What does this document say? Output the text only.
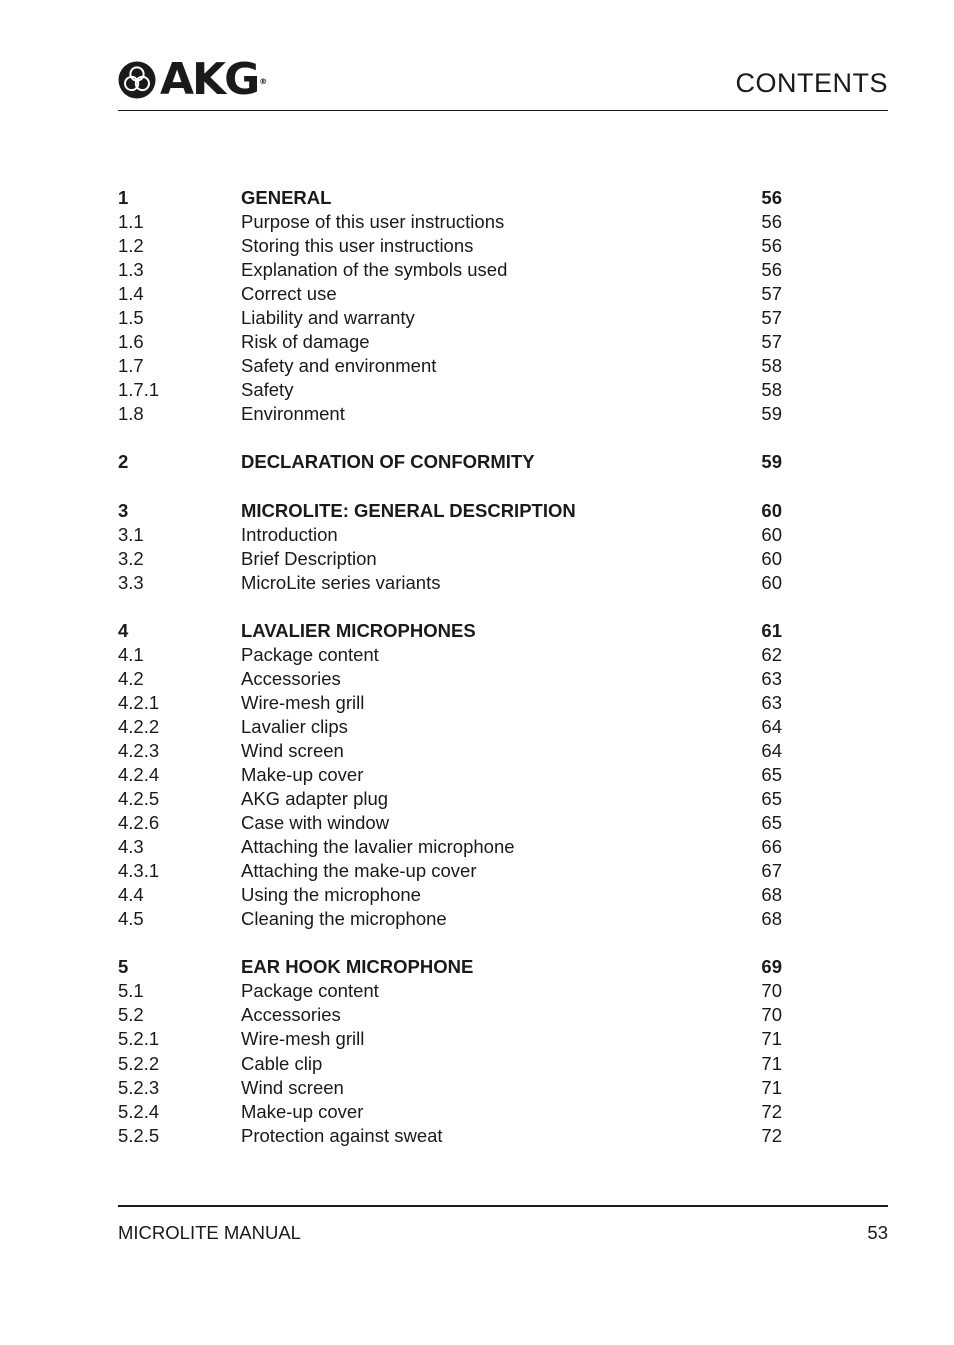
AKG®	CONTENTS
1	GENERAL	56
1.1	Purpose of this user instructions	56
1.2	Storing this user instructions	56
1.3	Explanation of the symbols used	56
1.4	Correct use	57
1.5	Liability and warranty	57
1.6	Risk of damage	57
1.7	Safety and environment	58
1.7.1	Safety	58
1.8	Environment	59
2	DECLARATION OF CONFORMITY	59
3	MICROLITE: GENERAL DESCRIPTION	60
3.1	Introduction	60
3.2	Brief Description	60
3.3	MicroLite series variants	60
4	LAVALIER MICROPHONES	61
4.1	Package content	62
4.2	Accessories	63
4.2.1	Wire-mesh grill	63
4.2.2	Lavalier clips	64
4.2.3	Wind screen	64
4.2.4	Make-up cover	65
4.2.5	AKG adapter plug	65
4.2.6	Case with window	65
4.3	Attaching the lavalier microphone	66
4.3.1	Attaching the make-up cover	67
4.4	Using the microphone	68
4.5	Cleaning the microphone	68
5	EAR HOOK MICROPHONE	69
5.1	Package content	70
5.2	Accessories	70
5.2.1	Wire-mesh grill	71
5.2.2	Cable clip	71
5.2.3	Wind screen	71
5.2.4	Make-up cover	72
5.2.5	Protection against sweat	72
MICROLITE MANUAL	53
